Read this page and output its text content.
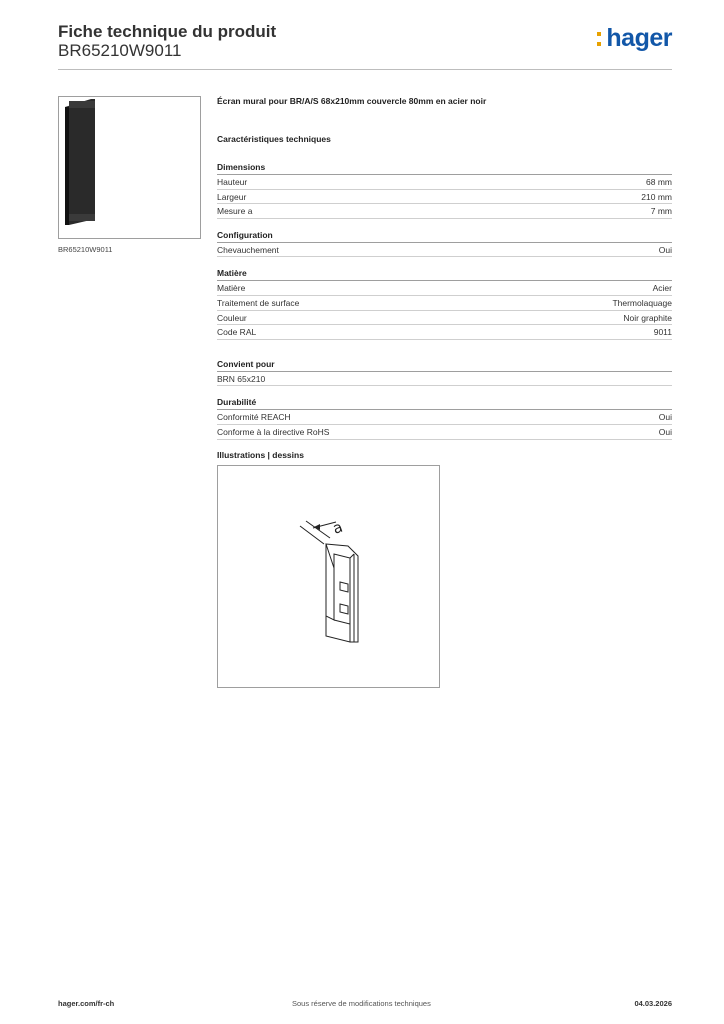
Fiche technique du produit
BR65210W9011	hager
BR65210W9011
Écran mural pour BR/A/S 68x210mm couvercle 80mm en acier noir
Caractéristiques techniques
Dimensions
Hauteur	68 mm
Largeur	210 mm
Mesure a	7 mm
Configuration
Chevauchement	Oui
Matière
Matière	Acier
Traitement de surface	Thermolaquage
Couleur	Noir graphite
Code RAL	9011
Convient pour
BRN 65x210
Durabilité
Conformité REACH	Oui
Conforme à la directive RoHS	Oui
Illustrations | dessins
a
hager.com/fr-ch	Sous réserve de modifications techniques	04.03.2026
